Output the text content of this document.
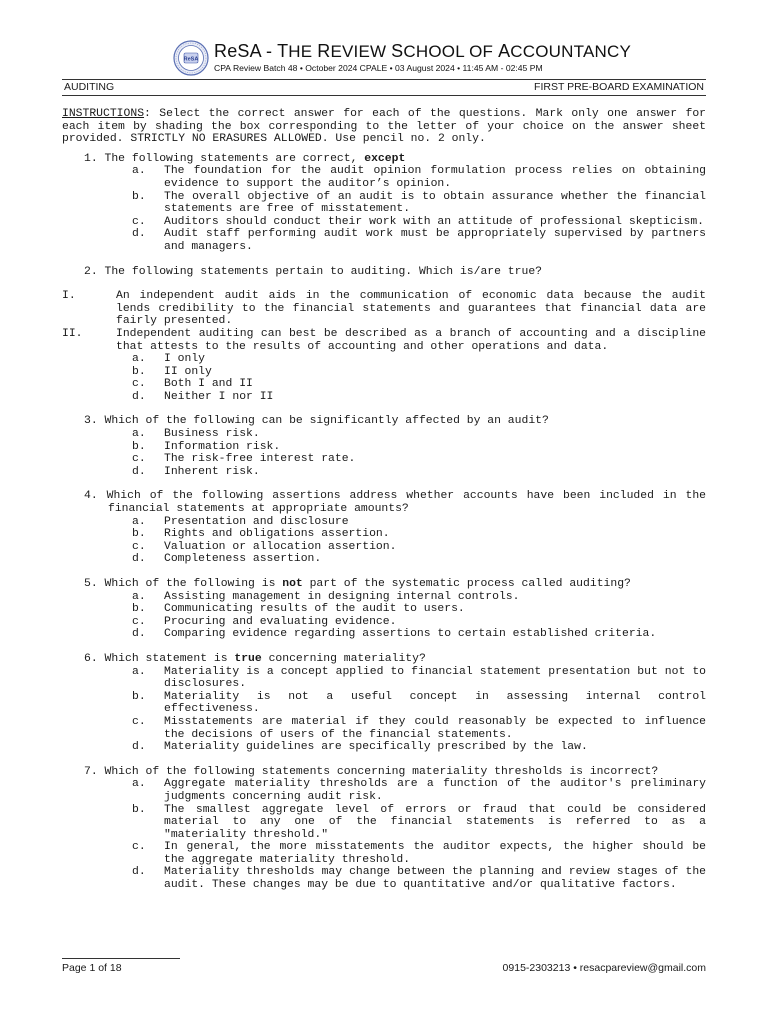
ReSA ReSA - THE REVIEW SCHOOL OF ACCOUNTANCY
CPA Review Batch 48 • October 2024 CPALE • 03 August 2024 • 11:45 AM - 02:45 PM
AUDITING	FIRST PRE-BOARD EXAMINATION

INSTRUCTIONS: Select the correct answer for each of the questions. Mark only one answer for each item by shading the box corresponding to the letter of your choice on the answer sheet provided. STRICTLY NO ERASURES ALLOWED. Use pencil no. 2 only.

1. The following statements are correct, except
a.	The foundation for the audit opinion formulation process relies on obtaining evidence to support the auditor’s opinion.
b.	The overall objective of an audit is to obtain assurance whether the financial statements are free of misstatement.
c.	Auditors should conduct their work with an attitude of professional skepticism.
d.	Audit staff performing audit work must be appropriately supervised by partners and managers.
2. The following statements pertain to auditing. Which is/are true?
I.	An independent audit aids in the communication of economic data because the audit lends credibility to the financial statements and guarantees that financial data are fairly presented.
II.	Independent auditing can best be described as a branch of accounting and a discipline that attests to the results of accounting and other operations and data.
a.	I only
b.	II only
c.	Both I and II
d.	Neither I nor II
3. Which of the following can be significantly affected by an audit?
a.	Business risk.
b.	Information risk.
c.	The risk-free interest rate.
d.	Inherent risk.
4. Which of the following assertions address whether accounts have been included in the financial statements at appropriate amounts?
a.	Presentation and disclosure
b.	Rights and obligations assertion.
c.	Valuation or allocation assertion.
d.	Completeness assertion.
5. Which of the following is not part of the systematic process called auditing?
a.	Assisting management in designing internal controls.
b.	Communicating results of the audit to users.
c.	Procuring and evaluating evidence.
d.	Comparing evidence regarding assertions to certain established criteria.
6. Which statement is true concerning materiality?
a.	Materiality is a concept applied to financial statement presentation but not to disclosures.
b.	Materiality is not a useful concept in assessing internal control effectiveness.
c.	Misstatements are material if they could reasonably be expected to influence the decisions of users of the financial statements.
d.	Materiality guidelines are specifically prescribed by the law.
7. Which of the following statements concerning materiality thresholds is incorrect?
a.	Aggregate materiality thresholds are a function of the auditor's preliminary judgments concerning audit risk.
b.	The smallest aggregate level of errors or fraud that could be considered material to any one of the financial statements is referred to as a "materiality threshold."
c.	In general, the more misstatements the auditor expects, the higher should be the aggregate materiality threshold.
d.	Materiality thresholds may change between the planning and review stages of the audit. These changes may be due to quantitative and/or qualitative factors.
Page 1 of 18	0915-2303213 • resacpareview@gmail.com
